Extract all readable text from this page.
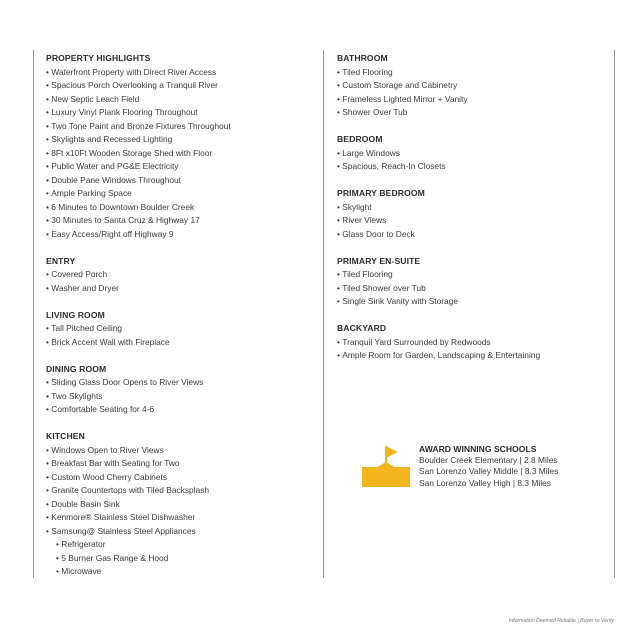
PROPERTY HIGHLIGHTS
• Waterfront Property with Direct River Access
• Spacious Porch Overlooking a Tranquil River
• New Septic Leach Field
• Luxury Vinyl Plank Flooring Throughout
• Two Tone Paint and Bronze Fixtures Throughout
• Skylights and Recessed Lighting
• 8Ft x10Ft Wooden Storage Shed with Floor
• Public Water and PG&E Electricity
• Double Pane Windows Throughout
• Ample Parking Space
• 6 Minutes to Downtown Boulder Creek
• 30 Minutes to Santa Cruz & Highway 17
• Easy Access/Right off Highway 9
ENTRY
• Covered Porch
• Washer and Dryer
LIVING ROOM
• Tall Pitched Ceiling
• Brick Accent Wall with Fireplace
DINING ROOM
• Sliding Glass Door Opens to River Views
• Two Skylights
• Comfortable Seating for 4-6
KITCHEN
• Windows Open to River Views
• Breakfast Bar with Seating for Two
• Custom Wood Cherry Cabinets
• Granite Countertops with Tiled Backsplash
• Double Basin Sink
• Kenmore® Stainless Steel Dishwasher
• Samsung@ Stainless Steel Appliances
• Refrigerator
• 5 Burner Gas Range & Hood
• Microwave
BATHROOM
• Tiled Flooring
• Custom Storage and Cabinetry
• Frameless Lighted Mirror + Vanity
• Shower Over Tub
BEDROOM
• Large Windows
• Spacious, Reach-In Closets
PRIMARY BEDROOM
• Skylight
• River Views
• Glass Door to Deck
PRIMARY EN-SUITE
• Tiled Flooring
• Tiled Shower over Tub
• Single Sink Vanity with Storage
BACKYARD
• Tranquil Yard Surrounded by Redwoods
• Ample Room for Garden, Landscaping & Entertaining
AWARD WINNING SCHOOLS
Boulder Creek Elementary | 2.8 Miles
San Lorenzo Valley Middle | 8.3 Miles
San Lorenzo Valley High | 8.3 Miles
Information Deemed Reliable | Buyer to Verify
